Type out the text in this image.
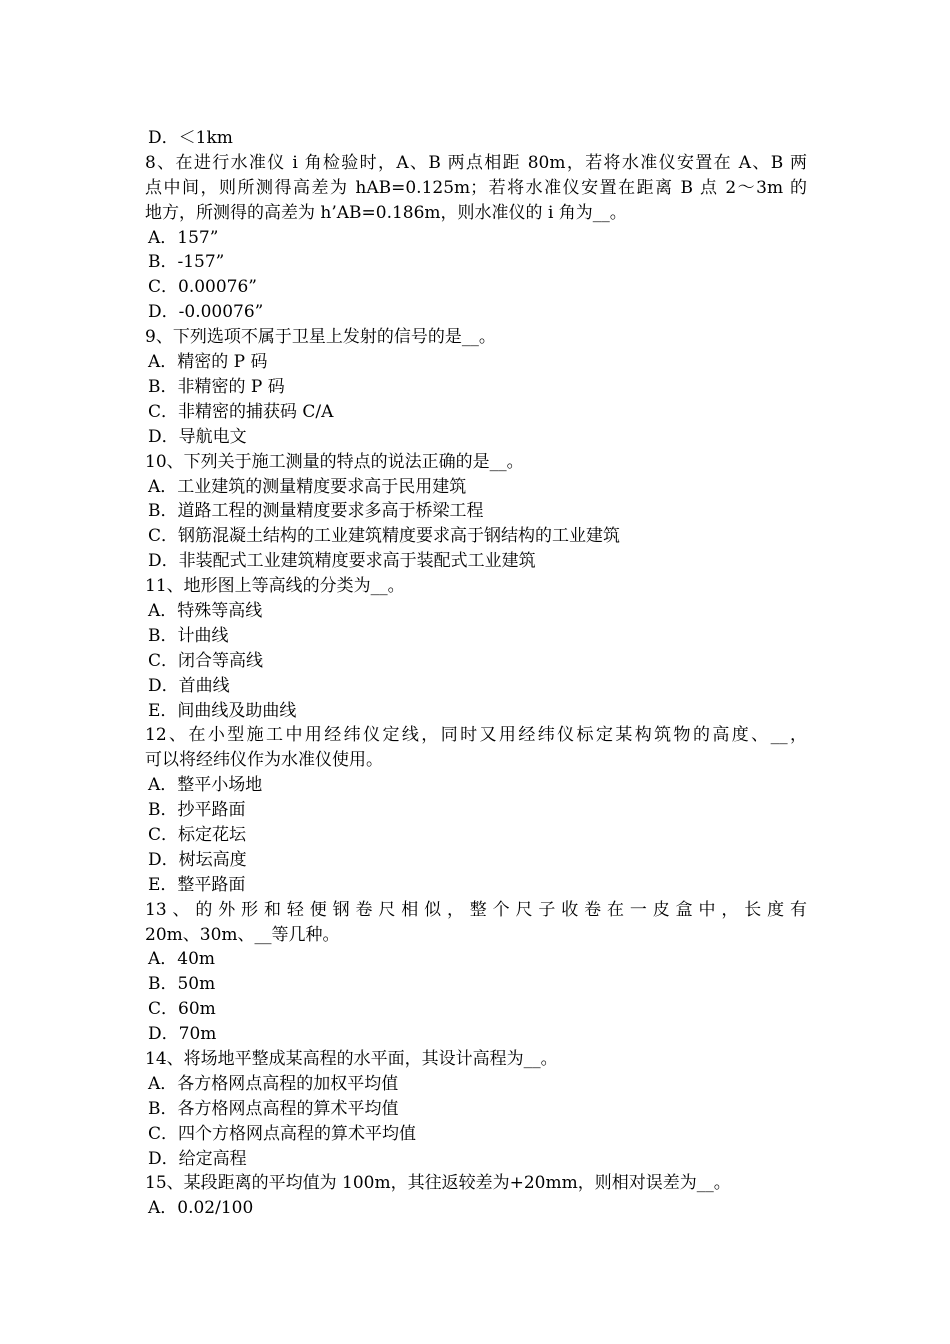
D．＜1km
8、在进行水准仪 i 角检验时，A、B 两点相距 80m，若将水准仪安置在 A、B 两
点中间，则所测得高差为 hAB=0.125m；若将水准仪安置在距离 B 点 2～3m 的
地方，所测得的高差为 h’AB=0.186m，则水准仪的 i 角为__。
A．157”
B．-157”
C．0.00076”
D．-0.00076”
9、下列选项不属于卫星上发射的信号的是__。
A．精密的 P 码
B．非精密的 P 码
C．非精密的捕获码 C/A
D．导航电文
10、下列关于施工测量的特点的说法正确的是__。
A．工业建筑的测量精度要求高于民用建筑
B．道路工程的测量精度要求多高于桥梁工程
C．钢筋混凝土结构的工业建筑精度要求高于钢结构的工业建筑
D．非装配式工业建筑精度要求高于装配式工业建筑
11、地形图上等高线的分类为__。
A．特殊等高线
B．计曲线
C．闭合等高线
D．首曲线
E．间曲线及助曲线
12、在小型施工中用经纬仪定线，同时又用经纬仪标定某构筑物的高度、__，
可以将经纬仪作为水准仪使用。
A．整平小场地
B．抄平路面
C．标定花坛
D．树坛高度
E．整平路面
13、的外形和轻便钢卷尺相似，整个尺子收卷在一皮盒中，长度有
20m、30m、__等几种。
A．40m
B．50m
C．60m
D．70m
14、将场地平整成某高程的水平面，其设计高程为__。
A．各方格网点高程的加权平均值
B．各方格网点高程的算术平均值
C．四个方格网点高程的算术平均值
D．给定高程
15、某段距离的平均值为 100m，其往返较差为+20mm，则相对误差为__。
A．0.02/100
